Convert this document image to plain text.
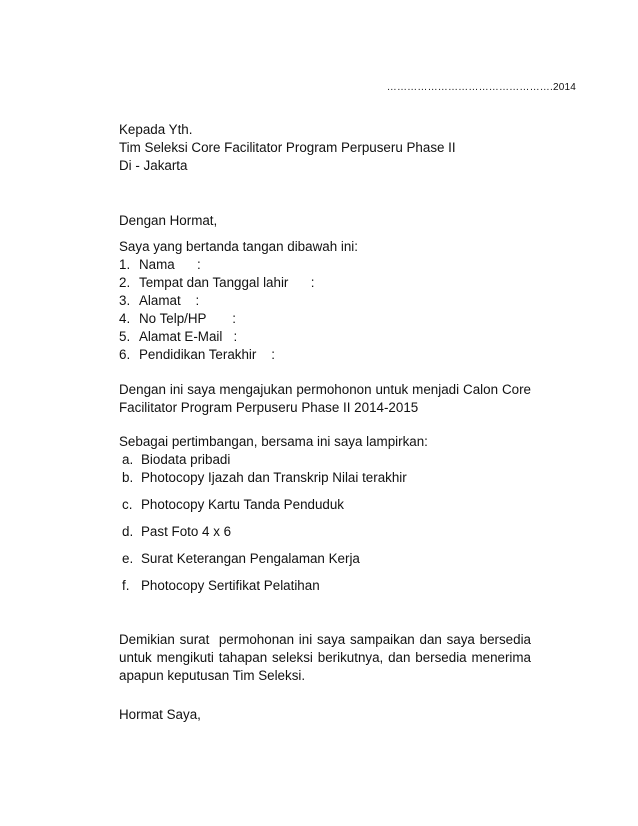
………………………………………….2014
Kepada Yth.
Tim Seleksi Core Facilitator Program Perpuseru Phase II
Di - Jakarta
Dengan Hormat,
Saya yang bertanda tangan dibawah ini:
1. Nama      :
2. Tempat dan Tanggal lahir      :
3. Alamat    :
4. No Telp/HP       :
5. Alamat E-Mail   :
6. Pendidikan Terakhir    :
Dengan ini saya mengajukan permohonon untuk menjadi Calon Core Facilitator Program Perpuseru Phase II 2014-2015
Sebagai pertimbangan, bersama ini saya lampirkan:
a. Biodata pribadi
b. Photocopy Ijazah dan Transkrip Nilai terakhir
c. Photocopy Kartu Tanda Penduduk
d. Past Foto 4 x 6
e. Surat Keterangan Pengalaman Kerja
f. Photocopy Sertifikat Pelatihan
Demikian surat  permohonan ini saya sampaikan dan saya bersedia untuk mengikuti tahapan seleksi berikutnya, dan bersedia menerima apapun keputusan Tim Seleksi.
Hormat Saya,
